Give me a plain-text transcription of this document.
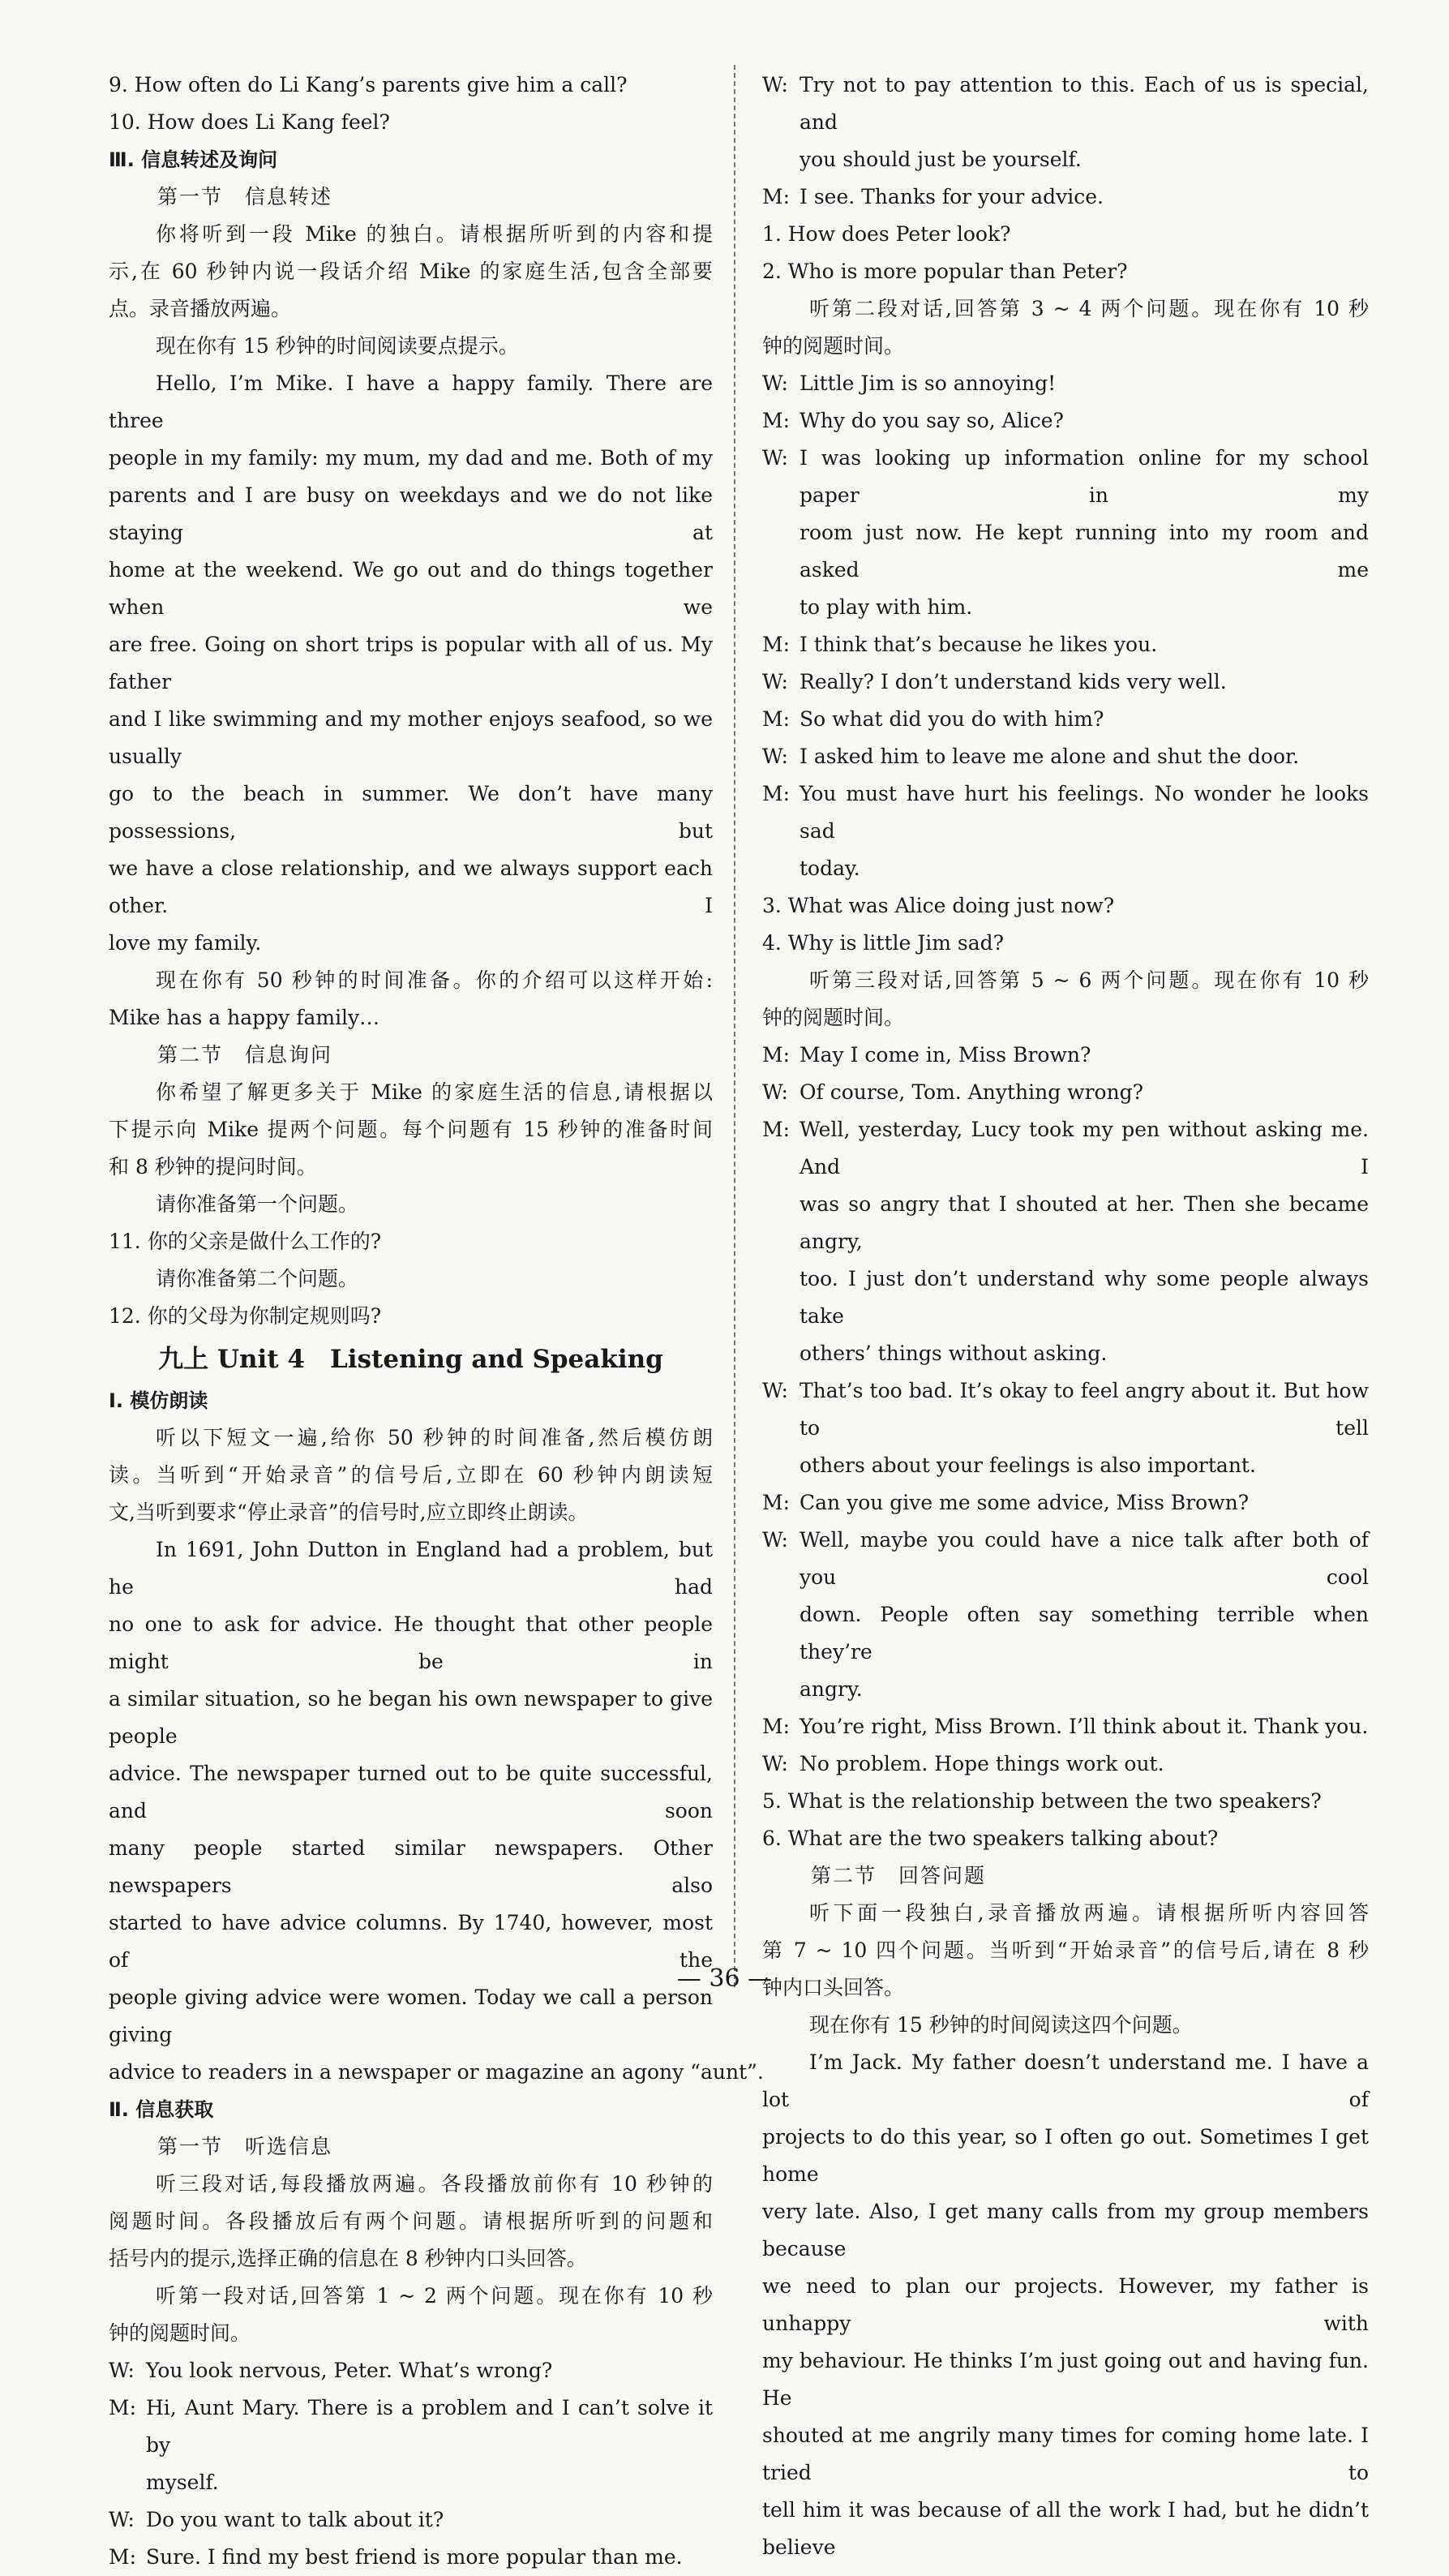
9. How often do Li Kang’s parents give him a call?

10. How does Li Kang feel?

Ⅲ. 信息转述及询问

第一节　信息转述

你将听到一段 Mike 的独白。请根据所听到的内容和提

示,在 60 秒钟内说一段话介绍 Mike 的家庭生活,包含全部要

点。录音播放两遍。

现在你有 15 秒钟的时间阅读要点提示。

Hello, I’m Mike. I have a happy family. There are three

people in my family: my mum, my dad and me. Both of my

parents and I are busy on weekdays and we do not like staying at

home at the weekend. We go out and do things together when we

are free. Going on short trips is popular with all of us. My father

and I like swimming and my mother enjoys seafood, so we usually

go to the beach in summer. We don’t have many possessions, but

we have a close relationship, and we always support each other. I

love my family.

现在你有 50 秒钟的时间准备。你的介绍可以这样开始:

Mike has a happy family…

第二节　信息询问

你希望了解更多关于 Mike 的家庭生活的信息,请根据以

下提示向 Mike 提两个问题。每个问题有 15 秒钟的准备时间

和 8 秒钟的提问时间。

请你准备第一个问题。

11. 你的父亲是做什么工作的?

请你准备第二个问题。

12. 你的父母为你制定规则吗?

九上 Unit 4　Listening and Speaking

Ⅰ. 模仿朗读

听以下短文一遍,给你 50 秒钟的时间准备,然后模仿朗

读。当听到“开始录音”的信号后,立即在 60 秒钟内朗读短

文,当听到要求“停止录音”的信号时,应立即终止朗读。

In 1691, John Dutton in England had a problem, but he had

no one to ask for advice. He thought that other people might be in

a similar situation, so he began his own newspaper to give people

advice. The newspaper turned out to be quite successful, and soon

many people started similar newspapers. Other newspapers also

started to have advice columns. By 1740, however, most of the

people giving advice were women. Today we call a person giving

advice to readers in a newspaper or magazine an agony “aunt”.

Ⅱ. 信息获取

第一节　听选信息

听三段对话,每段播放两遍。各段播放前你有 10 秒钟的

阅题时间。各段播放后有两个问题。请根据所听到的问题和

括号内的提示,选择正确的信息在 8 秒钟内口头回答。

听第一段对话,回答第 1 ~ 2 两个问题。现在你有 10 秒

钟的阅题时间。

W: You look nervous, Peter. What’s wrong?
M: Hi, Aunt Mary. There is a problem and I can’t solve it by
myself.
W: Do you want to talk about it?
M: Sure. I find my best friend is more popular than me.
W: Try not to pay attention to this. Each of us is special, and
you should just be yourself.
M: I see. Thanks for your advice.

1. How does Peter look?

2. Who is more popular than Peter?

听第二段对话,回答第 3 ~ 4 两个问题。现在你有 10 秒

钟的阅题时间。

W: Little Jim is so annoying!
M: Why do you say so, Alice?
W: I was looking up information online for my school paper in my
room just now. He kept running into my room and asked me
to play with him.
M: I think that’s because he likes you.
W: Really? I don’t understand kids very well.
M: So what did you do with him?
W: I asked him to leave me alone and shut the door.
M: You must have hurt his feelings. No wonder he looks sad
today.

3. What was Alice doing just now?

4. Why is little Jim sad?

听第三段对话,回答第 5 ~ 6 两个问题。现在你有 10 秒

钟的阅题时间。

M: May I come in, Miss Brown?
W: Of course, Tom. Anything wrong?
M: Well, yesterday, Lucy took my pen without asking me. And I
was so angry that I shouted at her. Then she became angry,
too. I just don’t understand why some people always take
others’ things without asking.
W: That’s too bad. It’s okay to feel angry about it. But how to tell
others about your feelings is also important.
M: Can you give me some advice, Miss Brown?
W: Well, maybe you could have a nice talk after both of you cool
down. People often say something terrible when they’re
angry.
M: You’re right, Miss Brown. I’ll think about it. Thank you.
W: No problem. Hope things work out.

5. What is the relationship between the two speakers?

6. What are the two speakers talking about?

第二节　回答问题

听下面一段独白,录音播放两遍。请根据所听内容回答

第 7 ~ 10 四个问题。当听到“开始录音”的信号后,请在 8 秒

钟内口头回答。

现在你有 15 秒钟的时间阅读这四个问题。

I’m Jack. My father doesn’t understand me. I have a lot of

projects to do this year, so I often go out. Sometimes I get home

very late. Also, I get many calls from my group members because

we need to plan our projects. However, my father is unhappy with

my behaviour. He thinks I’m just going out and having fun. He

shouted at me angrily many times for coming home late. I tried to

tell him it was because of all the work I had, but he didn’t believe

— 36 —
